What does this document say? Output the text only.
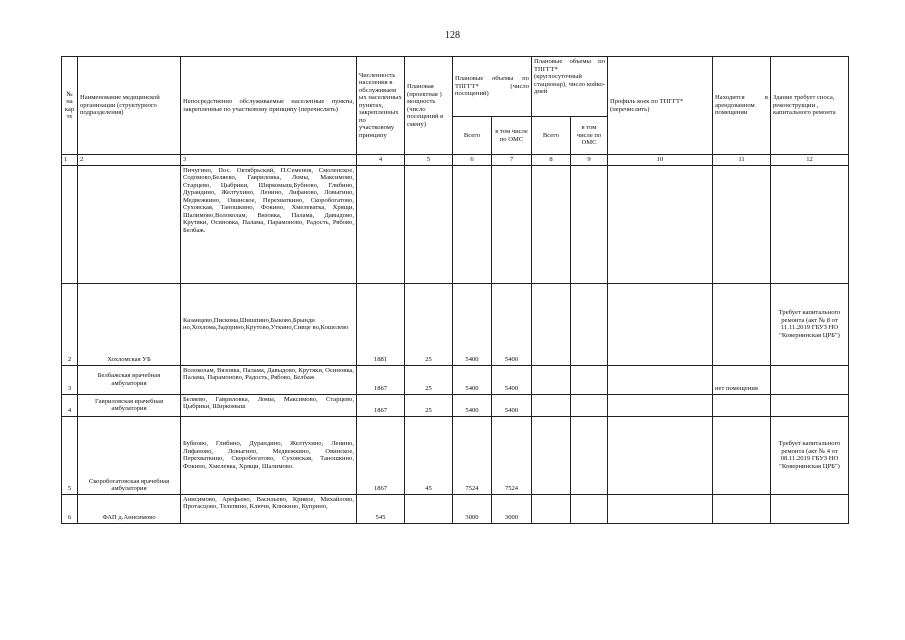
128
№ на кар те	Наименование медицинской организации (структурного подразделения)	Непосредственно обслуживаемые населенные пункты, закрепленные по участковому принципу (перечислить)	Численность населения в обслуживаем ых населенных пунктах, закрепленных по участковому принципу	Плановая (проектная ) мощность (число посещений в смену)	Плановые объемы по ТПГГТ* (число посещений)		Плановые объемы по ТПГГТ* (круглосуточный стационар), число койко-дней		Профиль коек по ТПГГТ* (перечислить)	Находится в арендованном помещении	Здание требует сноса, реконструкции , капитального ремонта
					Всего	в том числе по ОМС	Всего	в том числе по ОМС			
1	2	3	4	5	6	7	8	9	10	11	12
		Пичугино, Пос. Октябрьский, П.Семенов, Смоленское, Содомово,Беляево, Гавриловка, Ломы, Максимово, Старцево, Цыбрики, Ширкомыш,Бубново, Глибино, Дурандино, Желтухино, Ленино, Лифаново, Ловыгино, Медвежкино, Овинское, Перехваткино, Скоробогатово, Суховская, Таношкино, Фокино, Хмелеватка, Хрящи, Шалимово,Волоколам, Вязовка, Палама, Давыдово, Крутяки, Осиновка, Палама, Парамоново, Радость, Рябово, Белбаж.									
2	Хохломская УБ	Казанцево,Пискома,Шишпино,Быково,Брынди но,Хохлома,Задорино,Крутово,Уткино,Сивце во,Кошелево	1881	25	5400	5400					Требует капитального ремонта (акт № 8 от 11.11.2019 ГБУЗ НО "Ковернинская ЦРБ")
3	Белбажская врачебная амбулатория	Волоколам, Вязовка, Палама, Давыдово, Крутяки, Осиновка, Палама, Парамоново, Радость, Рябово, Белбаж	1867	25	5400	5400				нет помещения	
4	Гавриловская врачебная амбулатория	Беляево, Гавриловка, Ломы, Максимово, Старцево, Цыбрики, Ширкомыш	1867	25	5400	5400					
5	Скоробогатовская врачебная амбулатория	Бубново, Глибино, Дурандино, Желтухино, Ленино, Лифаново, Ловыгино, Медвежкино, Овинское, Перехваткино, Скоробогатово, Суховская, Таношкино, Фокино, Хмелевка, Хрящи, Шалимово.	1867	45	7524	7524					Требует капитального ремонта (акт № 4 от 08.11.2019 ГБУЗ НО "Ковернинская ЦРБ")
6	ФАП д.Анисимово	Анисимово, Арефьево, Васильево, Кривое, Михайлово, Протасцово, Телепино, Ключи, Клюкино, Куприно,	545		3000	3000					
